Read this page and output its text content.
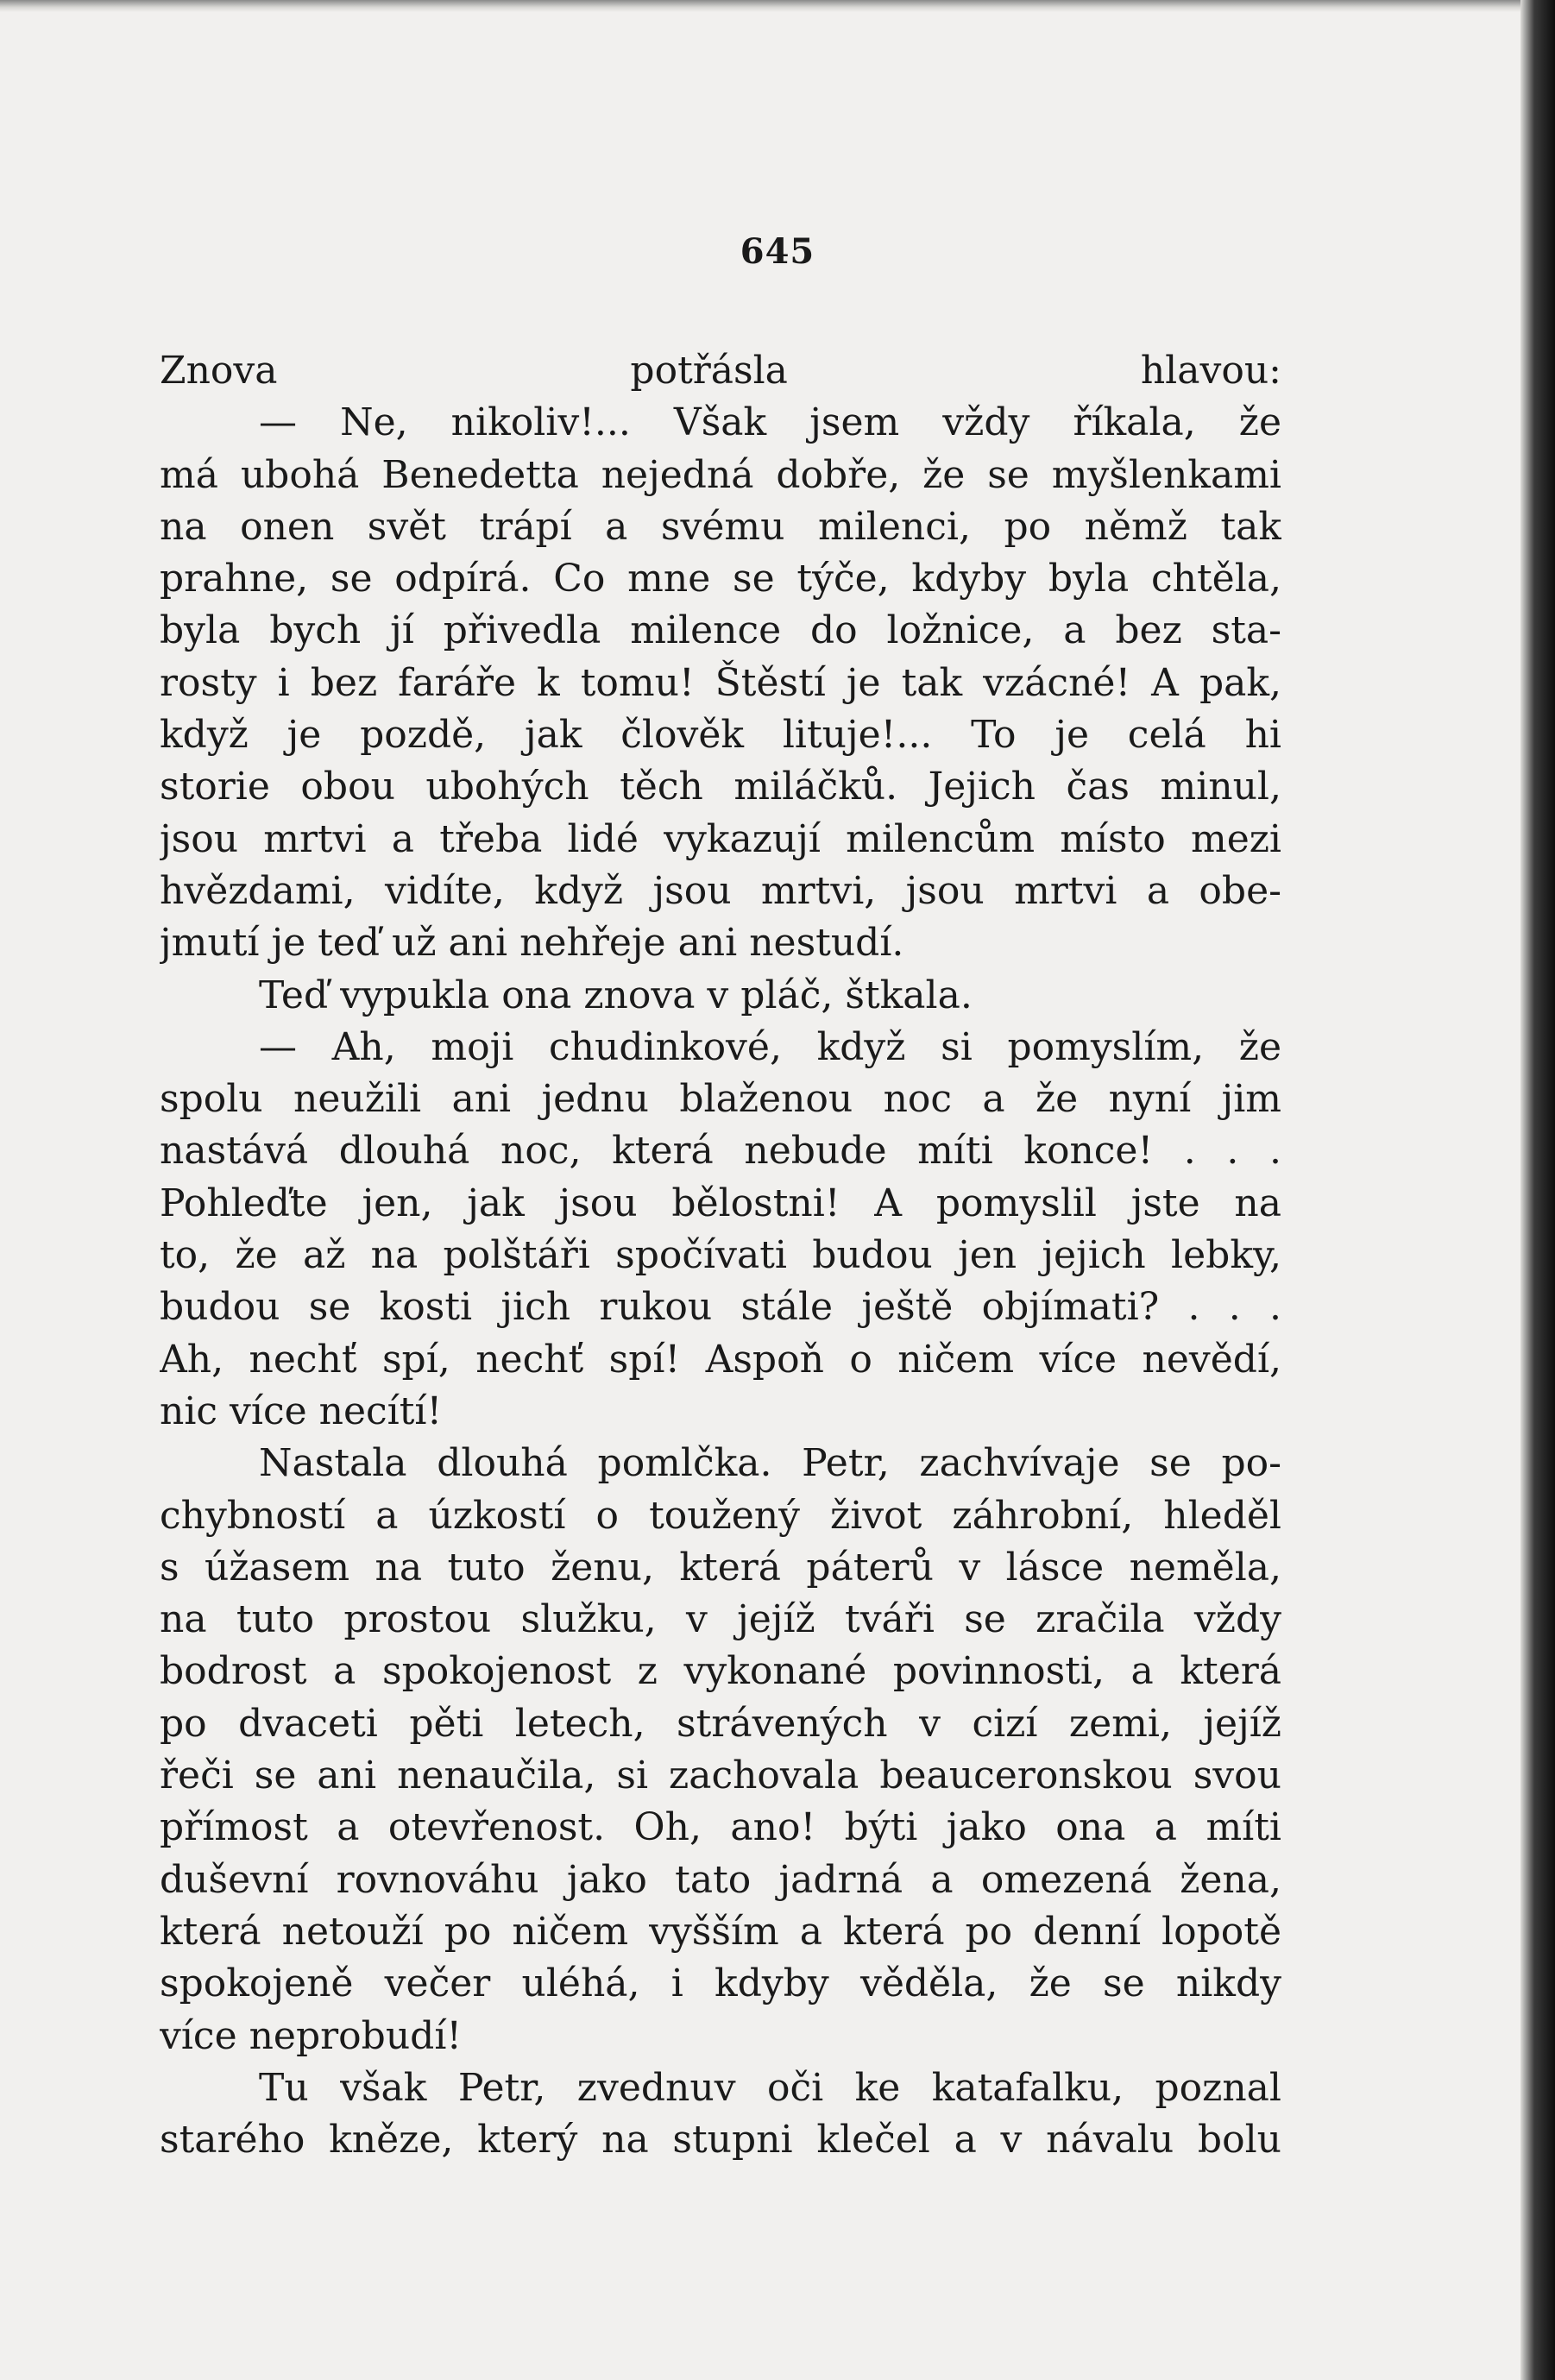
645
Znova potřásla hlavou:
— Ne, nikoliv!... Však jsem vždy říkala, že
má ubohá Benedetta nejedná dobře, že se myšlenkami
na onen svět trápí a svému milenci, po němž tak
prahne, se odpírá. Co mne se týče, kdyby byla chtěla,
byla bych jí přivedla milence do ložnice, a bez sta-
rosty i bez faráře k tomu! Štěstí je tak vzácné! A pak,
když je pozdě, jak člověk lituje!... To je celá hi
storie obou ubohých těch miláčků. Jejich čas minul,
jsou mrtvi a třeba lidé vykazují milencům místo mezi
hvězdami, vidíte, když jsou mrtvi, jsou mrtvi a obe-
jmutí je teď už ani nehřeje ani nestudí.
Teď vypukla ona znova v pláč, štkala.
— Ah, moji chudinkové, když si pomyslím, že
spolu neužili ani jednu blaženou noc a že nyní jim
nastává dlouhá noc, která nebude míti konce! . . .
Pohleďte jen, jak jsou bělostni! A pomyslil jste na
to, že až na polštáři spočívati budou jen jejich lebky,
budou se kosti jich rukou stále ještě objímati? . . .
Ah, nechť spí, nechť spí! Aspoň o ničem více nevědí,
nic více necítí!
Nastala dlouhá pomlčka. Petr, zachvívaje se po-
chybností a úzkostí o toužený život záhrobní, hleděl
s úžasem na tuto ženu, která páterů v lásce neměla,
na tuto prostou služku, v jejíž tváři se zračila vždy
bodrost a spokojenost z vykonané povinnosti, a která
po dvaceti pěti letech, strávených v cizí zemi, jejíž
řeči se ani nenaučila, si zachovala beauceronskou svou
přímost a otevřenost. Oh, ano! býti jako ona a míti
duševní rovnováhu jako tato jadrná a omezená žena,
která netouží po ničem vyšším a která po denní lopotě
spokojeně večer uléhá, i kdyby věděla, že se nikdy
více neprobudí!
Tu však Petr, zvednuv oči ke katafalku, poznal
starého kněze, který na stupni klečel a v návalu bolu
